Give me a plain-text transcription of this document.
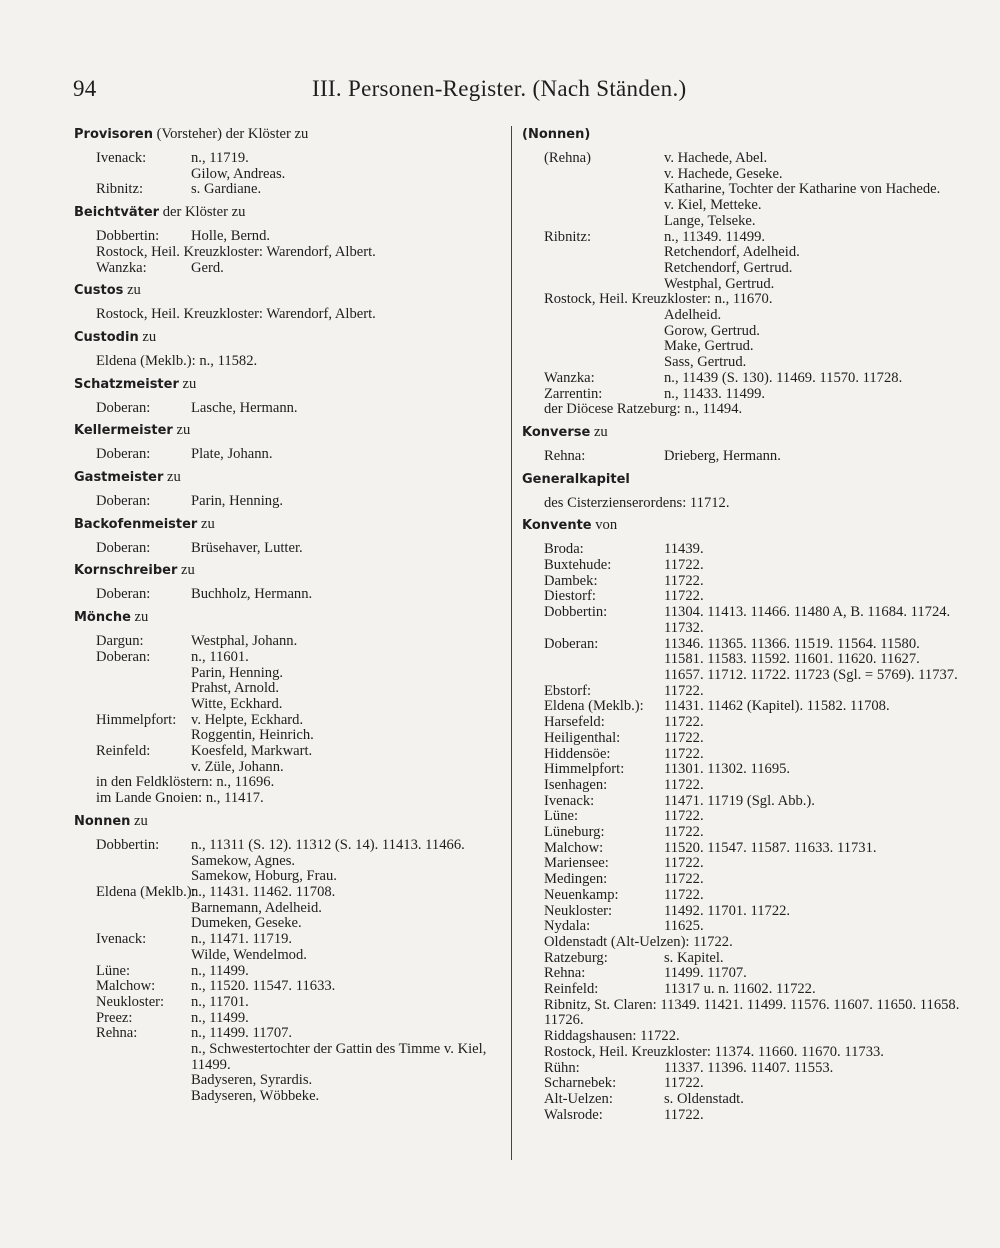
94	III. Personen-Register. (Nach Ständen.)
Provisoren (Vorsteher) der Klöster zu
Ivenack:	n., 11719.
Gilow, Andreas.
Ribnitz:	s. Gardiane.
Beichtväter der Klöster zu
Dobbertin:	Holle, Bernd.
Rostock, Heil. Kreuzkloster: Warendorf, Albert.
Wanzka:	Gerd.
Custos zu
Rostock, Heil. Kreuzkloster: Warendorf, Albert.
Custodin zu
Eldena (Meklb.): n., 11582.
Schatzmeister zu
Doberan:	Lasche, Hermann.
Kellermeister zu
Doberan:	Plate, Johann.
Gastmeister zu
Doberan:	Parin, Henning.
Backofenmeister zu
Doberan:	Brüsehaver, Lutter.
Kornschreiber zu
Doberan:	Buchholz, Hermann.
Mönche zu
Dargun:	Westphal, Johann.
Doberan:	n., 11601.
Parin, Henning.
Prahst, Arnold.
Witte, Eckhard.
Himmelpfort:	v. Helpte, Eckhard.
Roggentin, Heinrich.
Reinfeld:	Koesfeld, Markwart.
v. Züle, Johann.
in den Feldklöstern: n., 11696.
im Lande Gnoien: n., 11417.
Nonnen zu
Dobbertin:	n., 11311 (S. 12). 11312 (S. 14). 11413. 11466.
Samekow, Agnes.
Samekow, Hoburg, Frau.
Eldena (Meklb.):
n., 11431. 11462. 11708.
Barnemann, Adelheid.
Dumeken, Geseke.
Ivenack:	n., 11471. 11719.
Wilde, Wendelmod.
Lüne:	n., 11499.
Malchow:	n., 11520. 11547. 11633.
Neukloster:	n., 11701.
Preez:	n., 11499.
Rehna:	n., 11499. 11707.
n., Schwestertochter der Gattin des Timme v. Kiel, 11499.
Badyseren, Syrardis.
Badyseren, Wöbbeke.
(Nonnen)
(Rehna)	v. Hachede, Abel.
v. Hachede, Geseke.
Katharine, Tochter der Katharine von Hachede.
v. Kiel, Metteke.
Lange, Telseke.
Ribnitz:	n., 11349. 11499.
Retchendorf, Adelheid.
Retchendorf, Gertrud.
Westphal, Gertrud.
Rostock, Heil. Kreuzkloster: n., 11670.
Adelheid.
Gorow, Gertrud.
Make, Gertrud.
Sass, Gertrud.
Wanzka:	n., 11439 (S. 130). 11469. 11570. 11728.
Zarrentin:	n., 11433. 11499.
der Diöcese Ratzeburg: n., 11494.
Konverse zu
Rehna:	Drieberg, Hermann.
Generalkapitel
des Cisterzienserordens: 11712.
Konvente von
Broda:	11439.
Buxtehude:	11722.
Dambek:	11722.
Diestorf:	11722.
Dobbertin:	11304. 11413. 11466. 11480 A, B. 11684. 11724. 11732.
Doberan:	11346. 11365. 11366. 11519. 11564. 11580. 11581. 11583. 11592. 11601. 11620. 11627. 11657. 11712. 11722. 11723 (Sgl. = 5769). 11737.
Ebstorf:	11722.
Eldena (Meklb.):	11431. 11462 (Kapitel). 11582. 11708.
Harsefeld:	11722.
Heiligenthal:	11722.
Hiddensöe:	11722.
Himmelpfort:	11301. 11302. 11695.
Isenhagen:	11722.
Ivenack:	11471. 11719 (Sgl. Abb.).
Lüne:	11722.
Lüneburg:	11722.
Malchow:	11520. 11547. 11587. 11633. 11731.
Mariensee:	11722.
Medingen:	11722.
Neuenkamp:	11722.
Neukloster:	11492. 11701. 11722.
Nydala:	11625.
Oldenstadt (Alt-Uelzen): 11722.
Ratzeburg:	s. Kapitel.
Rehna:	11499. 11707.
Reinfeld:	11317 u. n. 11602. 11722.
Ribnitz, St. Claren: 11349. 11421. 11499. 11576. 11607. 11650. 11658. 11726.
Riddagshausen: 11722.
Rostock, Heil. Kreuzkloster: 11374. 11660. 11670. 11733.
Rühn:	11337. 11396. 11407. 11553.
Scharnebek:	11722.
Alt-Uelzen:	s. Oldenstadt.
Walsrode:	11722.
